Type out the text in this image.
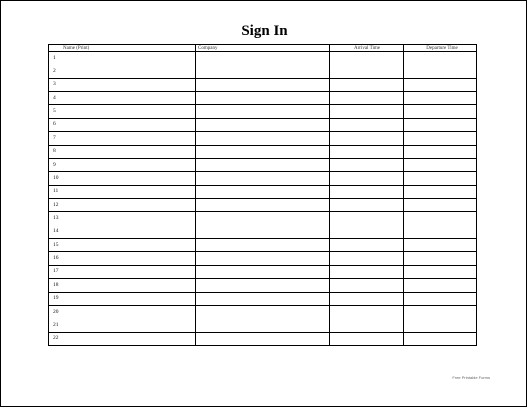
Sign In
Name (Print)	Company	Arrival Time	Departure Time
1
2
3
4
5
6
7
8
9
10
11
12
13
14
15
16
17
18
19
20
21
22
Free Printable Forms
